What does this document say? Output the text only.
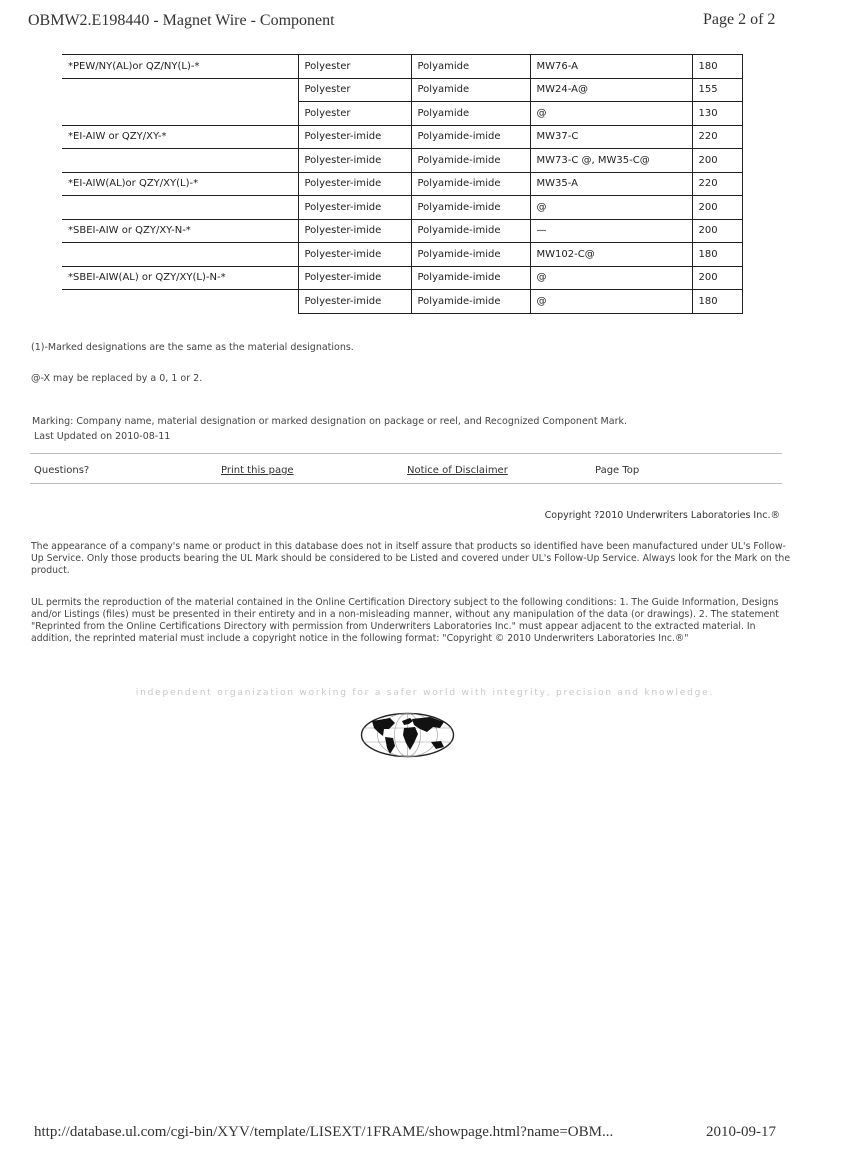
OBMW2.E198440 - Magnet Wire - Component	Page 2 of 2
*PEW/NY(AL)or QZ/NY(L)-*	Polyester	Polyamide	MW76-A	180
	Polyester	Polyamide	MW24-A@	155
	Polyester	Polyamide	@	130
*EI-AIW or QZY/XY-*	Polyester-imide	Polyamide-imide	MW37-C	220
	Polyester-imide	Polyamide-imide	MW73-C @, MW35-C@	200
*EI-AIW(AL)or QZY/XY(L)-*	Polyester-imide	Polyamide-imide	MW35-A	220
	Polyester-imide	Polyamide-imide	@	200
*SBEI-AIW or QZY/XY-N-*	Polyester-imide	Polyamide-imide	—	200
	Polyester-imide	Polyamide-imide	MW102-C@	180
*SBEI-AIW(AL) or QZY/XY(L)-N-*	Polyester-imide	Polyamide-imide	@	200
	Polyester-imide	Polyamide-imide	@	180
(1)-Marked designations are the same as the material designations.
@-X may be replaced by a 0, 1 or 2.
Marking: Company name, material designation or marked designation on package or reel, and Recognized Component Mark.
Last Updated on 2010-08-11
Questions?	Print this page	Notice of Disclaimer	Page Top
Copyright ?2010 Underwriters Laboratories Inc.®
The appearance of a company's name or product in this database does not in itself assure that products so identified have been manufactured under UL's Follow-Up Service. Only those products bearing the UL Mark should be considered to be Listed and covered under UL's Follow-Up Service. Always look for the Mark on the product.
UL permits the reproduction of the material contained in the Online Certification Directory subject to the following conditions: 1. The Guide Information, Designs and/or Listings (files) must be presented in their entirety and in a non-misleading manner, without any manipulation of the data (or drawings). 2. The statement "Reprinted from the Online Certifications Directory with permission from Underwriters Laboratories Inc." must appear adjacent to the extracted material. In addition, the reprinted material must include a copyright notice in the following format: "Copyright © 2010 Underwriters Laboratories Inc.®"
independent organization working for a safer world with integrity, precision and knowledge.
http://database.ul.com/cgi-bin/XYV/template/LISEXT/1FRAME/showpage.html?name=OBM...	2010-09-17
